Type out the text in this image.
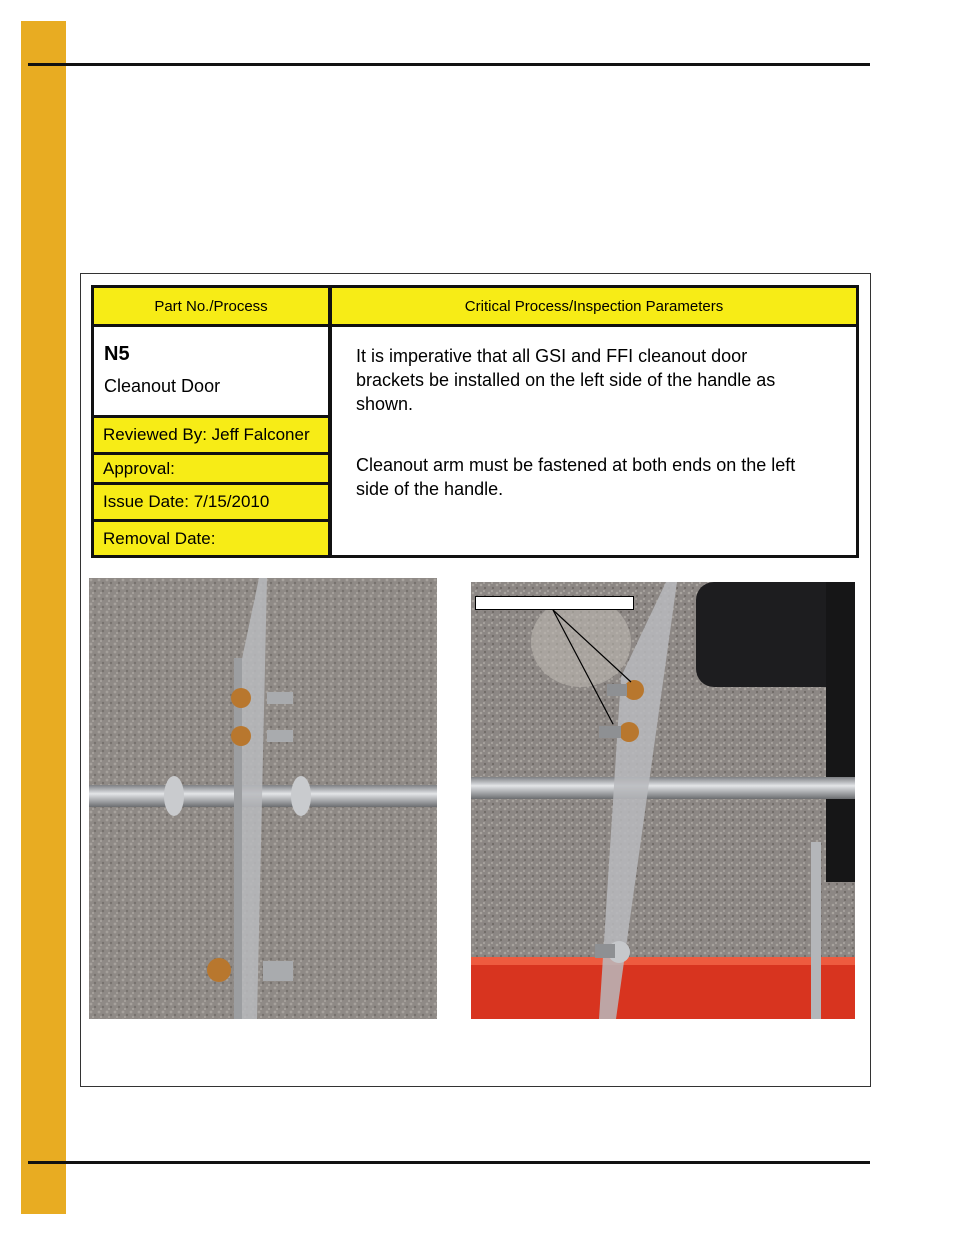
Part No./Process	Critical Process/Inspection Parameters
N5
Cleanout Door
Reviewed By: Jeff Falconer
Approval:
Issue Date: 7/15/2010
Removal Date:
It is imperative that all GSI and FFI cleanout door brackets be installed on the left side of the handle as shown.
Cleanout arm must be fastened at both ends on the left side of the handle.
